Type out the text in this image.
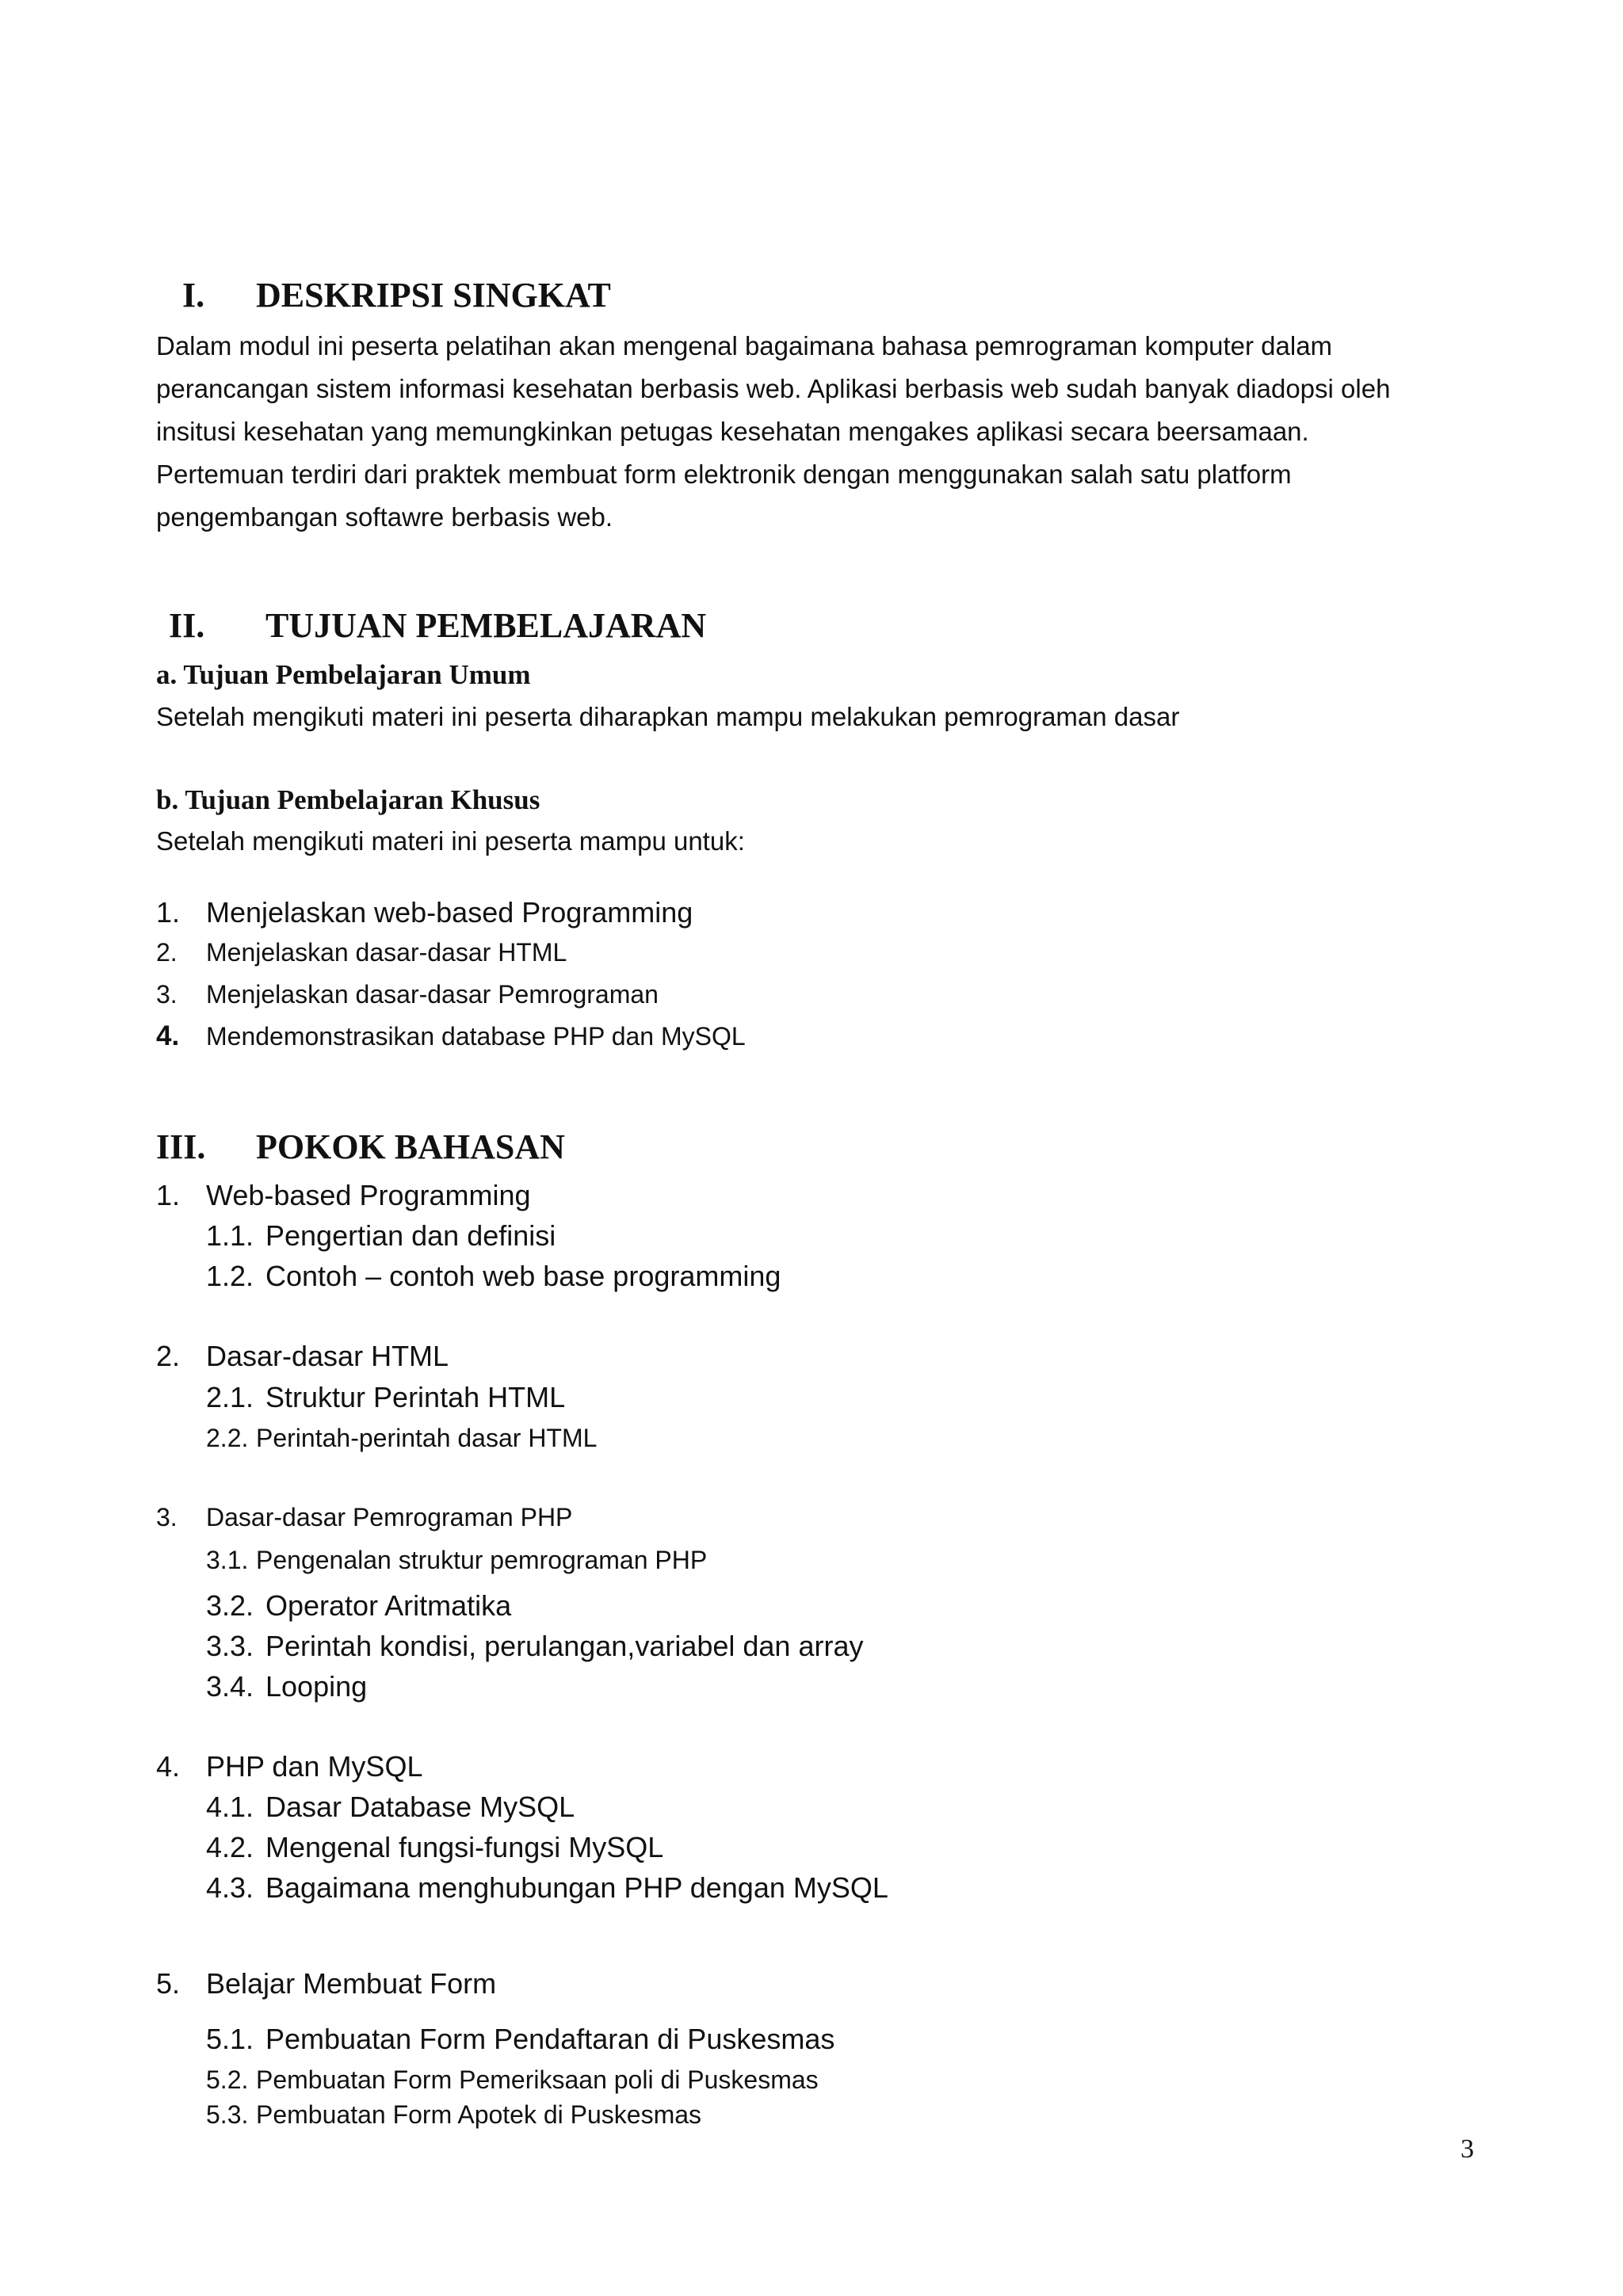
I. DESKRIPSI SINGKAT
Dalam modul ini peserta pelatihan akan mengenal bagaimana bahasa pemrograman komputer dalam
perancangan sistem informasi kesehatan berbasis web. Aplikasi berbasis web sudah banyak diadopsi oleh
insitusi kesehatan yang memungkinkan petugas kesehatan mengakes aplikasi secara beersamaan.
Pertemuan terdiri dari praktek membuat form elektronik dengan menggunakan salah satu platform
pengembangan softawre berbasis web.
II. TUJUAN PEMBELAJARAN
a. Tujuan Pembelajaran Umum
Setelah mengikuti materi ini peserta diharapkan mampu melakukan pemrograman dasar
b. Tujuan Pembelajaran Khusus
Setelah mengikuti materi ini peserta mampu untuk:
1. Menjelaskan web-based Programming
2. Menjelaskan dasar-dasar HTML
3. Menjelaskan dasar-dasar Pemrograman
4. Mendemonstrasikan database PHP dan MySQL
III. POKOK BAHASAN
1. Web-based Programming
1.1. Pengertian dan definisi
1.2. Contoh – contoh web base programming
2. Dasar-dasar HTML
2.1. Struktur Perintah HTML
2.2. Perintah-perintah dasar HTML
3. Dasar-dasar Pemrograman PHP
3.1. Pengenalan struktur pemrograman PHP
3.2. Operator Aritmatika
3.3. Perintah kondisi, perulangan,variabel dan array
3.4. Looping
4. PHP dan MySQL
4.1. Dasar Database MySQL
4.2. Mengenal fungsi-fungsi MySQL
4.3. Bagaimana menghubungan PHP dengan MySQL
5. Belajar Membuat Form
5.1. Pembuatan Form Pendaftaran di Puskesmas
5.2. Pembuatan Form Pemeriksaan poli di Puskesmas
5.3. Pembuatan Form Apotek di Puskesmas
3
